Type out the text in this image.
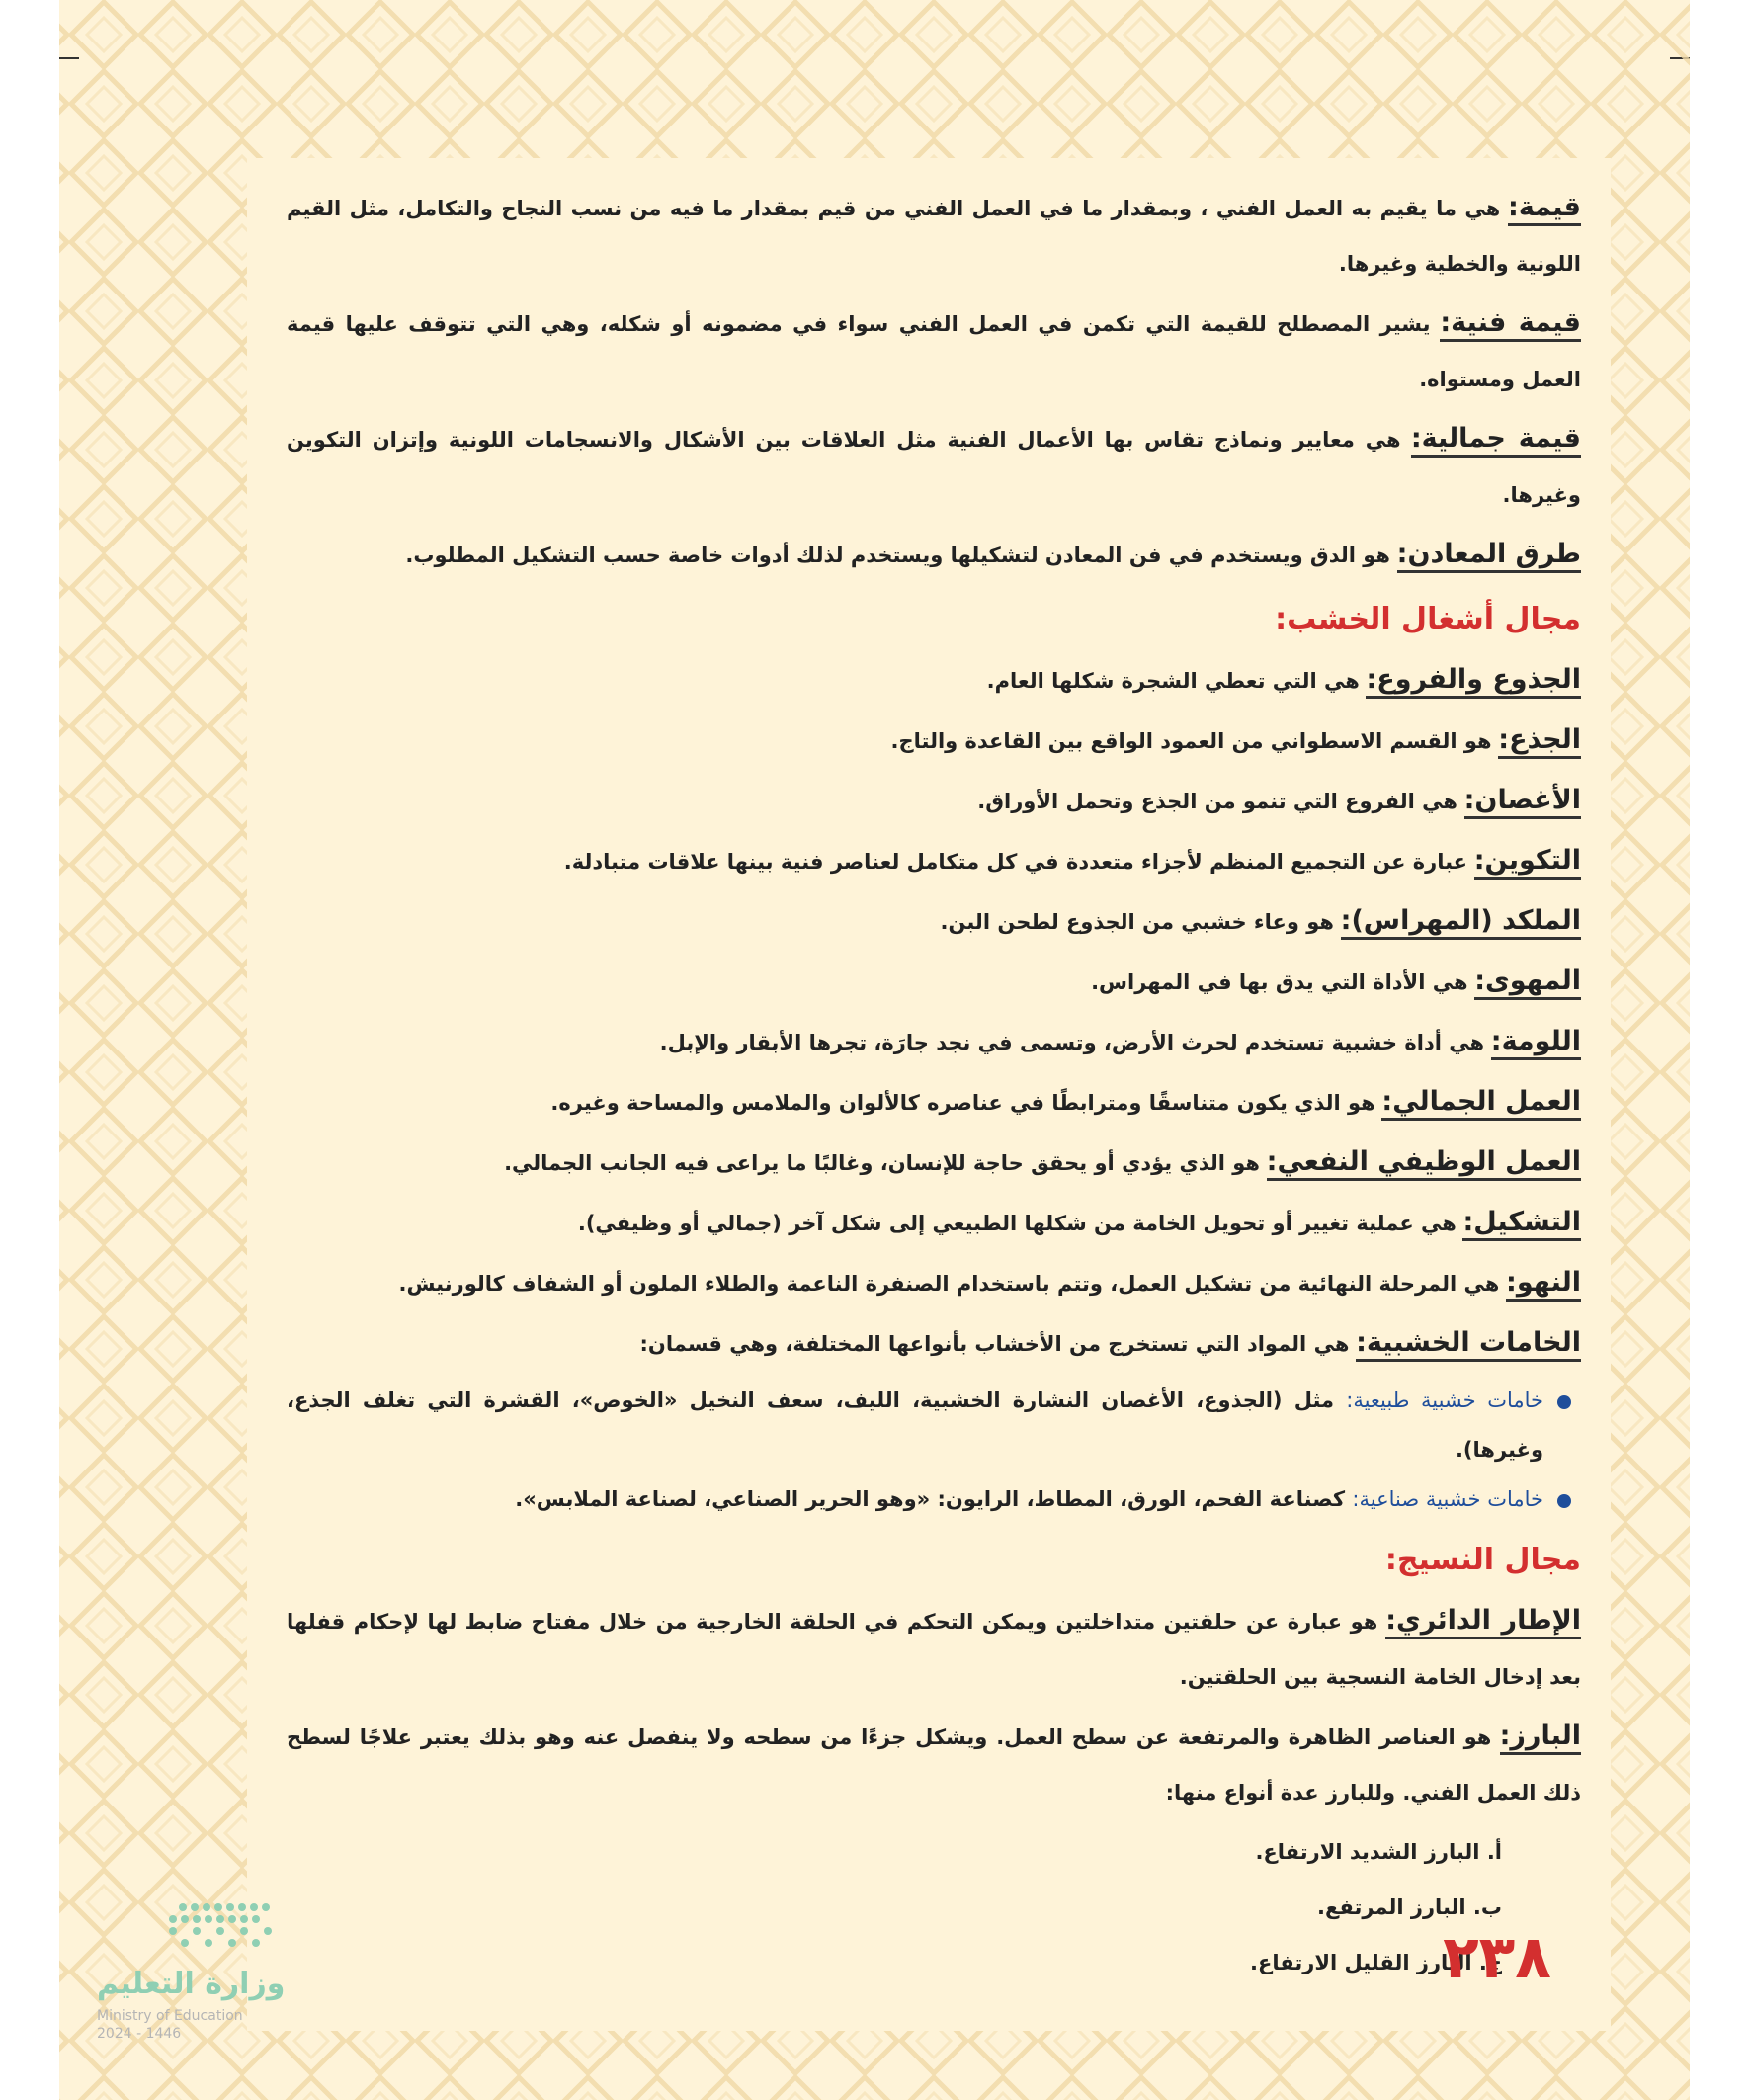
قيمة: هي ما يقيم به العمل الفني ، وبمقدار ما في العمل الفني من قيم بمقدار ما فيه من نسب النجاح والتكامل، مثل القيم اللونية والخطية وغيرها.
قيمة فنية: يشير المصطلح للقيمة التي تكمن في العمل الفني سواء في مضمونه أو شكله، وهي التي تتوقف عليها قيمة العمل ومستواه.
قيمة جمالية: هي معايير ونماذج تقاس بها الأعمال الفنية مثل العلاقات بين الأشكال والانسجامات اللونية وإتزان التكوين وغيرها.
طرق المعادن: هو الدق ويستخدم في فن المعادن لتشكيلها ويستخدم لذلك أدوات خاصة حسب التشكيل المطلوب.
مجال أشغال الخشب:
الجذوع والفروع: هي التي تعطي الشجرة شكلها العام.
الجذع: هو القسم الاسطواني من العمود الواقع بين القاعدة والتاج.
الأغصان: هي الفروع التي تنمو من الجذع وتحمل الأوراق.
التكوين: عبارة عن التجميع المنظم لأجزاء متعددة في كل متكامل لعناصر فنية بينها علاقات متبادلة.
الملكد (المهراس): هو وعاء خشبي من الجذوع لطحن البن.
المهوى: هي الأداة التي يدق بها في المهراس.
اللومة: هي أداة خشبية تستخدم لحرث الأرض، وتسمى في نجد جارَة، تجرها الأبقار والإبل.
العمل الجمالي: هو الذي يكون متناسقًا ومترابطًا في عناصره كالألوان والملامس والمساحة وغيره.
العمل الوظيفي النفعي: هو الذي يؤدي أو يحقق حاجة للإنسان، وغالبًا ما يراعى فيه الجانب الجمالي.
التشكيل: هي عملية تغيير أو تحويل الخامة من شكلها الطبيعي إلى شكل آخر (جمالي أو وظيفي).
النهو: هي المرحلة النهائية من تشكيل العمل، وتتم باستخدام الصنفرة الناعمة والطلاء الملون أو الشفاف كالورنيش.
الخامات الخشبية: هي المواد التي تستخرج من الأخشاب بأنواعها المختلفة، وهي قسمان:
خامات خشبية طبيعية: مثل (الجذوع، الأغصان النشارة الخشبية، الليف، سعف النخيل «الخوص»، القشرة التي تغلف الجذع، وغيرها).
خامات خشبية صناعية: كصناعة الفحم، الورق، المطاط، الرايون: «وهو الحرير الصناعي، لصناعة الملابس».
مجال النسيج:
الإطار الدائري: هو عبارة عن حلقتين متداخلتين ويمكن التحكم في الحلقة الخارجية من خلال مفتاح ضابط لها لإحكام قفلها بعد إدخال الخامة النسجية بين الحلقتين.
البارز: هو العناصر الظاهرة والمرتفعة عن سطح العمل. ويشكل جزءًا من سطحه ولا ينفصل عنه وهو بذلك يعتبر علاجًا لسطح ذلك العمل الفني. وللبارز عدة أنواع منها:
أ. البارز الشديد الارتفاع.
ب. البارز المرتفع.
ج. البارز القليل الارتفاع.
٢٣٨
وزارة التعليم
Ministry of Education
2024 - 1446
